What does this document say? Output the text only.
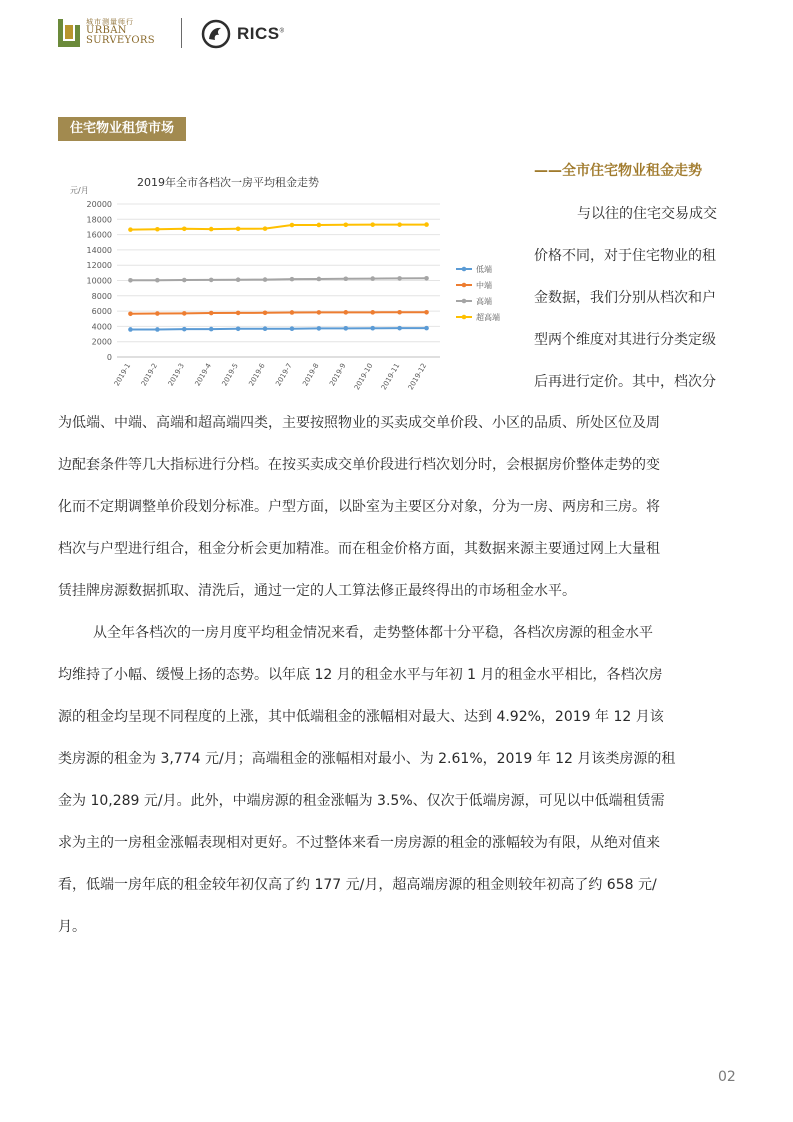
城市测量师行
URBAN
SURVEYORS	RICS®
住宅物业租赁市场
2019年全市各档次一房平均租金走势
元/月
0
2000
4000
6000
8000
10000
12000
14000
16000
18000
20000
2019-1 2019-2 2019-3 2019-4 2019-5 2019-6 2019-7 2019-8 2019-9 2019-10 2019-11 2019-12
低端
中端
高端
超高端
——全市住宅物业租金走势
与以往的住宅交易成交
价格不同，对于住宅物业的租
金数据，我们分别从档次和户
型两个维度对其进行分类定级
后再进行定价。其中，档次分
为低端、中端、高端和超高端四类，主要按照物业的买卖成交单价段、小区的品质、所处区位及周
边配套条件等几大指标进行分档。在按买卖成交单价段进行档次划分时，会根据房价整体走势的变
化而不定期调整单价段划分标准。户型方面，以卧室为主要区分对象，分为一房、两房和三房。将
档次与户型进行组合，租金分析会更加精准。而在租金价格方面，其数据来源主要通过网上大量租
赁挂牌房源数据抓取、清洗后，通过一定的人工算法修正最终得出的市场租金水平。
从全年各档次的一房月度平均租金情况来看，走势整体都十分平稳，各档次房源的租金水平
均维持了小幅、缓慢上扬的态势。以年底 12 月的租金水平与年初 1 月的租金水平相比，各档次房
源的租金均呈现不同程度的上涨，其中低端租金的涨幅相对最大、达到 4.92%，2019 年 12 月该
类房源的租金为 3,774 元/月；高端租金的涨幅相对最小、为 2.61%，2019 年 12 月该类房源的租
金为 10,289 元/月。此外，中端房源的租金涨幅为 3.5%、仅次于低端房源，可见以中低端租赁需
求为主的一房租金涨幅表现相对更好。不过整体来看一房房源的租金的涨幅较为有限，从绝对值来
看，低端一房年底的租金较年初仅高了约 177 元/月，超高端房源的租金则较年初高了约 658 元/
月。
02
